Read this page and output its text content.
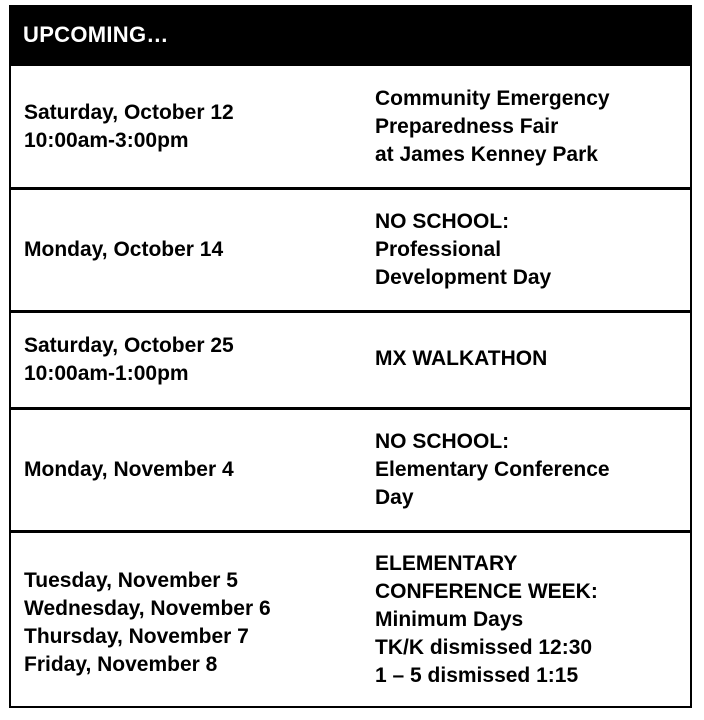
UPCOMING…
Saturday, October 12
10:00am-3:00pm
Community Emergency
Preparedness Fair
at James Kenney Park
Monday, October 14
NO SCHOOL:
Professional
Development Day
Saturday, October 25
10:00am-1:00pm
MX WALKATHON
Monday, November 4
NO SCHOOL:
Elementary Conference
Day
Tuesday, November 5
Wednesday, November 6
Thursday, November 7
Friday, November 8
ELEMENTARY
CONFERENCE WEEK:
Minimum Days
TK/K dismissed 12:30
1 – 5 dismissed 1:15
